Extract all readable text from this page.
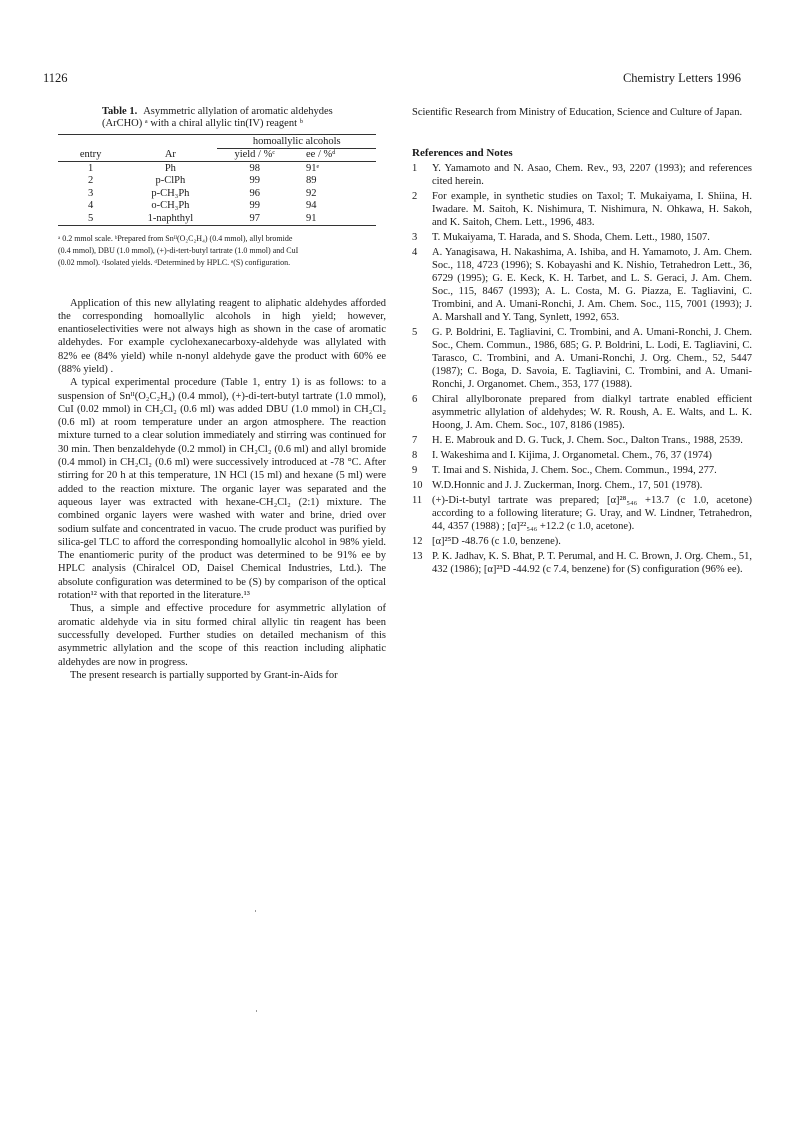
1126	Chemistry Letters 1996
Table 1. Asymmetric allylation of aromatic aldehydes
(ArCHO) ᵃ with a chiral allylic tin(IV) reagent ᵇ
		homoallylic alcohols	
entry	Ar	yield / %ᶜ	ee / %ᵈ
1	Ph	98	91ᵉ
2	p-ClPh	99	89
3	p-CH₃Ph	96	92
4	o-CH₃Ph	99	94
5	1-naphthyl	97	91
ᵃ 0.2 mmol scale. ᵇPrepared from Snᴵᴵ(O₂C₂H₄) (0.4 mmol), allyl bromide
(0.4 mmol), DBU (1.0 mmol), (+)-di-tert-butyl tartrate (1.0 mmol) and CuI
(0.02 mmol). ᶜIsolated yields. ᵈDetermined by HPLC. ᵉ(S) configuration.

Application of this new allylating reagent to aliphatic aldehydes afforded the corresponding homoallylic alcohols in high yield; however, enantioselectivities were not always high as shown in the case of aromatic aldehydes. For example cyclohexanecarboxy-aldehyde was allylated with 82% ee (84% yield) while n-nonyl aldehyde gave the product with 60% ee (88% yield) .

A typical experimental procedure (Table 1, entry 1) is as follows: to a suspension of Snᴵᴵ(O₂C₂H₄) (0.4 mmol), (+)-di-tert-butyl tartrate (1.0 mmol), CuI (0.02 mmol) in CH₂Cl₂ (0.6 ml) was added DBU (1.0 mmol) in CH₂Cl₂ (0.6 ml) at room temperature under an argon atmosphere. The reaction mixture turned to a clear solution immediately and stirring was continued for 30 min. Then benzaldehyde (0.2 mmol) in CH₂Cl₂ (0.6 ml) and allyl bromide (0.4 mmol) in CH₂Cl₂ (0.6 ml) were successively introduced at -78 °C. After stirring for 20 h at this temperature, 1N HCl (15 ml) and hexane (5 ml) were added to the reaction mixture. The organic layer was separated and the aqueous layer was extracted with hexane-CH₂Cl₂ (2:1) mixture. The combined organic layers were washed with water and brine, dried over sodium sulfate and concentrated in vacuo. The crude product was purified by silica-gel TLC to afford the corresponding homoallylic alcohol in 98% yield. The enantiomeric purity of the product was determined to be 91% ee by HPLC analysis (Chiralcel OD, Daisel Chemical Industries, Ltd.). The absolute configuration was determined to be (S) by comparison of the optical rotation¹² with that reported in the literature.¹³

Thus, a simple and effective procedure for asymmetric allylation of aromatic aldehyde via in situ formed chiral allylic tin reagent has been successfully developed. Further studies on detailed mechanism of this asymmetric allylation and the scope of this reaction including aliphatic aldehydes are now in progress.

The present research is partially supported by Grant-in-Aids for

Scientific Research from Ministry of Education, Science and Culture of Japan.

References and Notes
1 Y. Yamamoto and N. Asao, Chem. Rev., 93, 2207 (1993); and references cited herein.
2 For example, in synthetic studies on Taxol; T. Mukaiyama, I. Shiina, H. Iwadare. M. Saitoh, K. Nishimura, T. Nishimura, N. Ohkawa, H. Sakoh, and K. Saitoh, Chem. Lett., 1996, 483.
3 T. Mukaiyama, T. Harada, and S. Shoda, Chem. Lett., 1980, 1507.
4 A. Yanagisawa, H. Nakashima, A. Ishiba, and H. Yamamoto, J. Am. Chem. Soc., 118, 4723 (1996); S. Kobayashi and K. Nishio, Tetrahedron Lett., 36, 6729 (1995); G. E. Keck, K. H. Tarbet, and L. S. Geraci, J. Am. Chem. Soc., 115, 8467 (1993); A. L. Costa, M. G. Piazza, E. Tagliavini, C. Trombini, and A. Umani-Ronchi, J. Am. Chem. Soc., 115, 7001 (1993); J. A. Marshall and Y. Tang, Synlett, 1992, 653.
5 G. P. Boldrini, E. Tagliavini, C. Trombini, and A. Umani-Ronchi, J. Chem. Soc., Chem. Commun., 1986, 685; G. P. Boldrini, L. Lodi, E. Tagliavini, C. Tarasco, C. Trombini, and A. Umani-Ronchi, J. Org. Chem., 52, 5447 (1987); C. Boga, D. Savoia, E. Tagliavini, C. Trombini, and A. Umani-Ronchi, J. Organomet. Chem., 353, 177 (1988).
6 Chiral allylboronate prepared from dialkyl tartrate enabled efficient asymmetric allylation of aldehydes; W. R. Roush, A. E. Walts, and L. K. Hoong, J. Am. Chem. Soc., 107, 8186 (1985).
7 H. E. Mabrouk and D. G. Tuck, J. Chem. Soc., Dalton Trans., 1988, 2539.
8 I. Wakeshima and I. Kijima, J. Organometal. Chem., 76, 37 (1974)
9 T. Imai and S. Nishida, J. Chem. Soc., Chem. Commun., 1994, 277.
10 W.D.Honnic and J. J. Zuckerman, Inorg. Chem., 17, 501 (1978).
11 (+)-Di-t-butyl tartrate was prepared; [α]²⁸₅₄₆ +13.7 (c 1.0, acetone) according to a following literature; G. Uray, and W. Lindner, Tetrahedron, 44, 4357 (1988) ; [α]²²₅₄₆ +12.2 (c 1.0, acetone).
12 [α]²⁵D -48.76 (c 1.0, benzene).
13 P. K. Jadhav, K. S. Bhat, P. T. Perumal, and H. C. Brown, J. Org. Chem., 51, 432 (1986); [α]²³D -44.92 (c 7.4, benzene) for (S) configuration (96% ee).
